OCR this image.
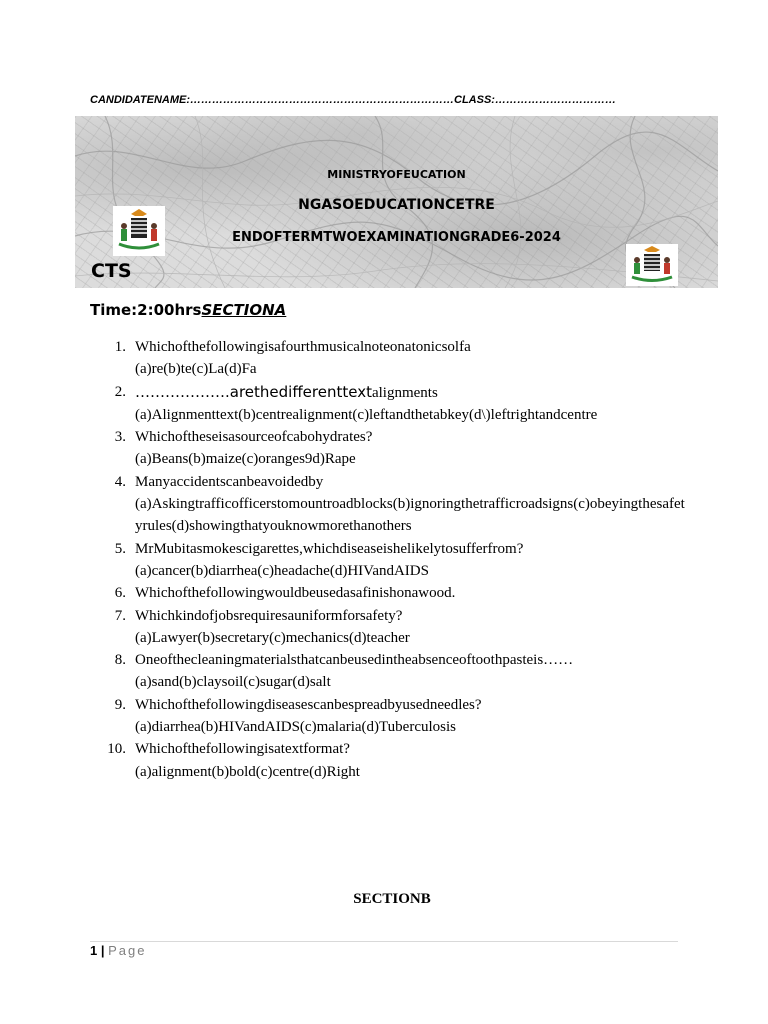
CANDIDATENAME:………………………………………………………………CLASS:……………………………
MINISTRYOFEUCATION
NGASOEDUCATIONCETRE
ENDOFTERMTWOEXAMINATIONGRADE6-2024
CTS
Time:2:00hrsSECTIONA
1. Whichofthefollowingisafourthmusicalnoteonatonicsolfa
(a)re(b)te(c)La(d)Fa
2. ……………….arethedifferenttextalignments
(a)Alignmenttext(b)centrealignment(c)leftandthetabkey(d\)leftrightandcentre
3. Whichoftheseisasourceofcabohydrates?
(a)Beans(b)maize(c)oranges9d)Rape
4. Manyaccidentscanbeavoidedby
(a)Askingtrafficofficerstomountroadblocks(b)ignoringthetrafficroadsigns(c)obeyingthesafetyrules(d)showingthatyouknowmorethanothers
5. MrMubitasmokescigarettes,whichdiseaseishelikelytosufferfrom?
(a)cancer(b)diarrhea(c)headache(d)HIVandAIDS
6. Whichofthefollowingwouldbeusedasafinishonawood.
7. Whichkindofjobsrequiresauniformforsafety?
(a)Lawyer(b)secretary(c)mechanics(d)teacher
8. Oneofthecleaningmaterialsthatcanbeusedintheabsenceoftoothpasteis……
(a)sand(b)claysoil(c)sugar(d)salt
9. Whichofthefollowingdiseasescanbespreadbyusedneedles?
(a)diarrhea(b)HIVandAIDS(c)malaria(d)Tuberculosis
10. Whichofthefollowingisatextformat?
(a)alignment(b)bold(c)centre(d)Right
SECTIONB
1 | Page
